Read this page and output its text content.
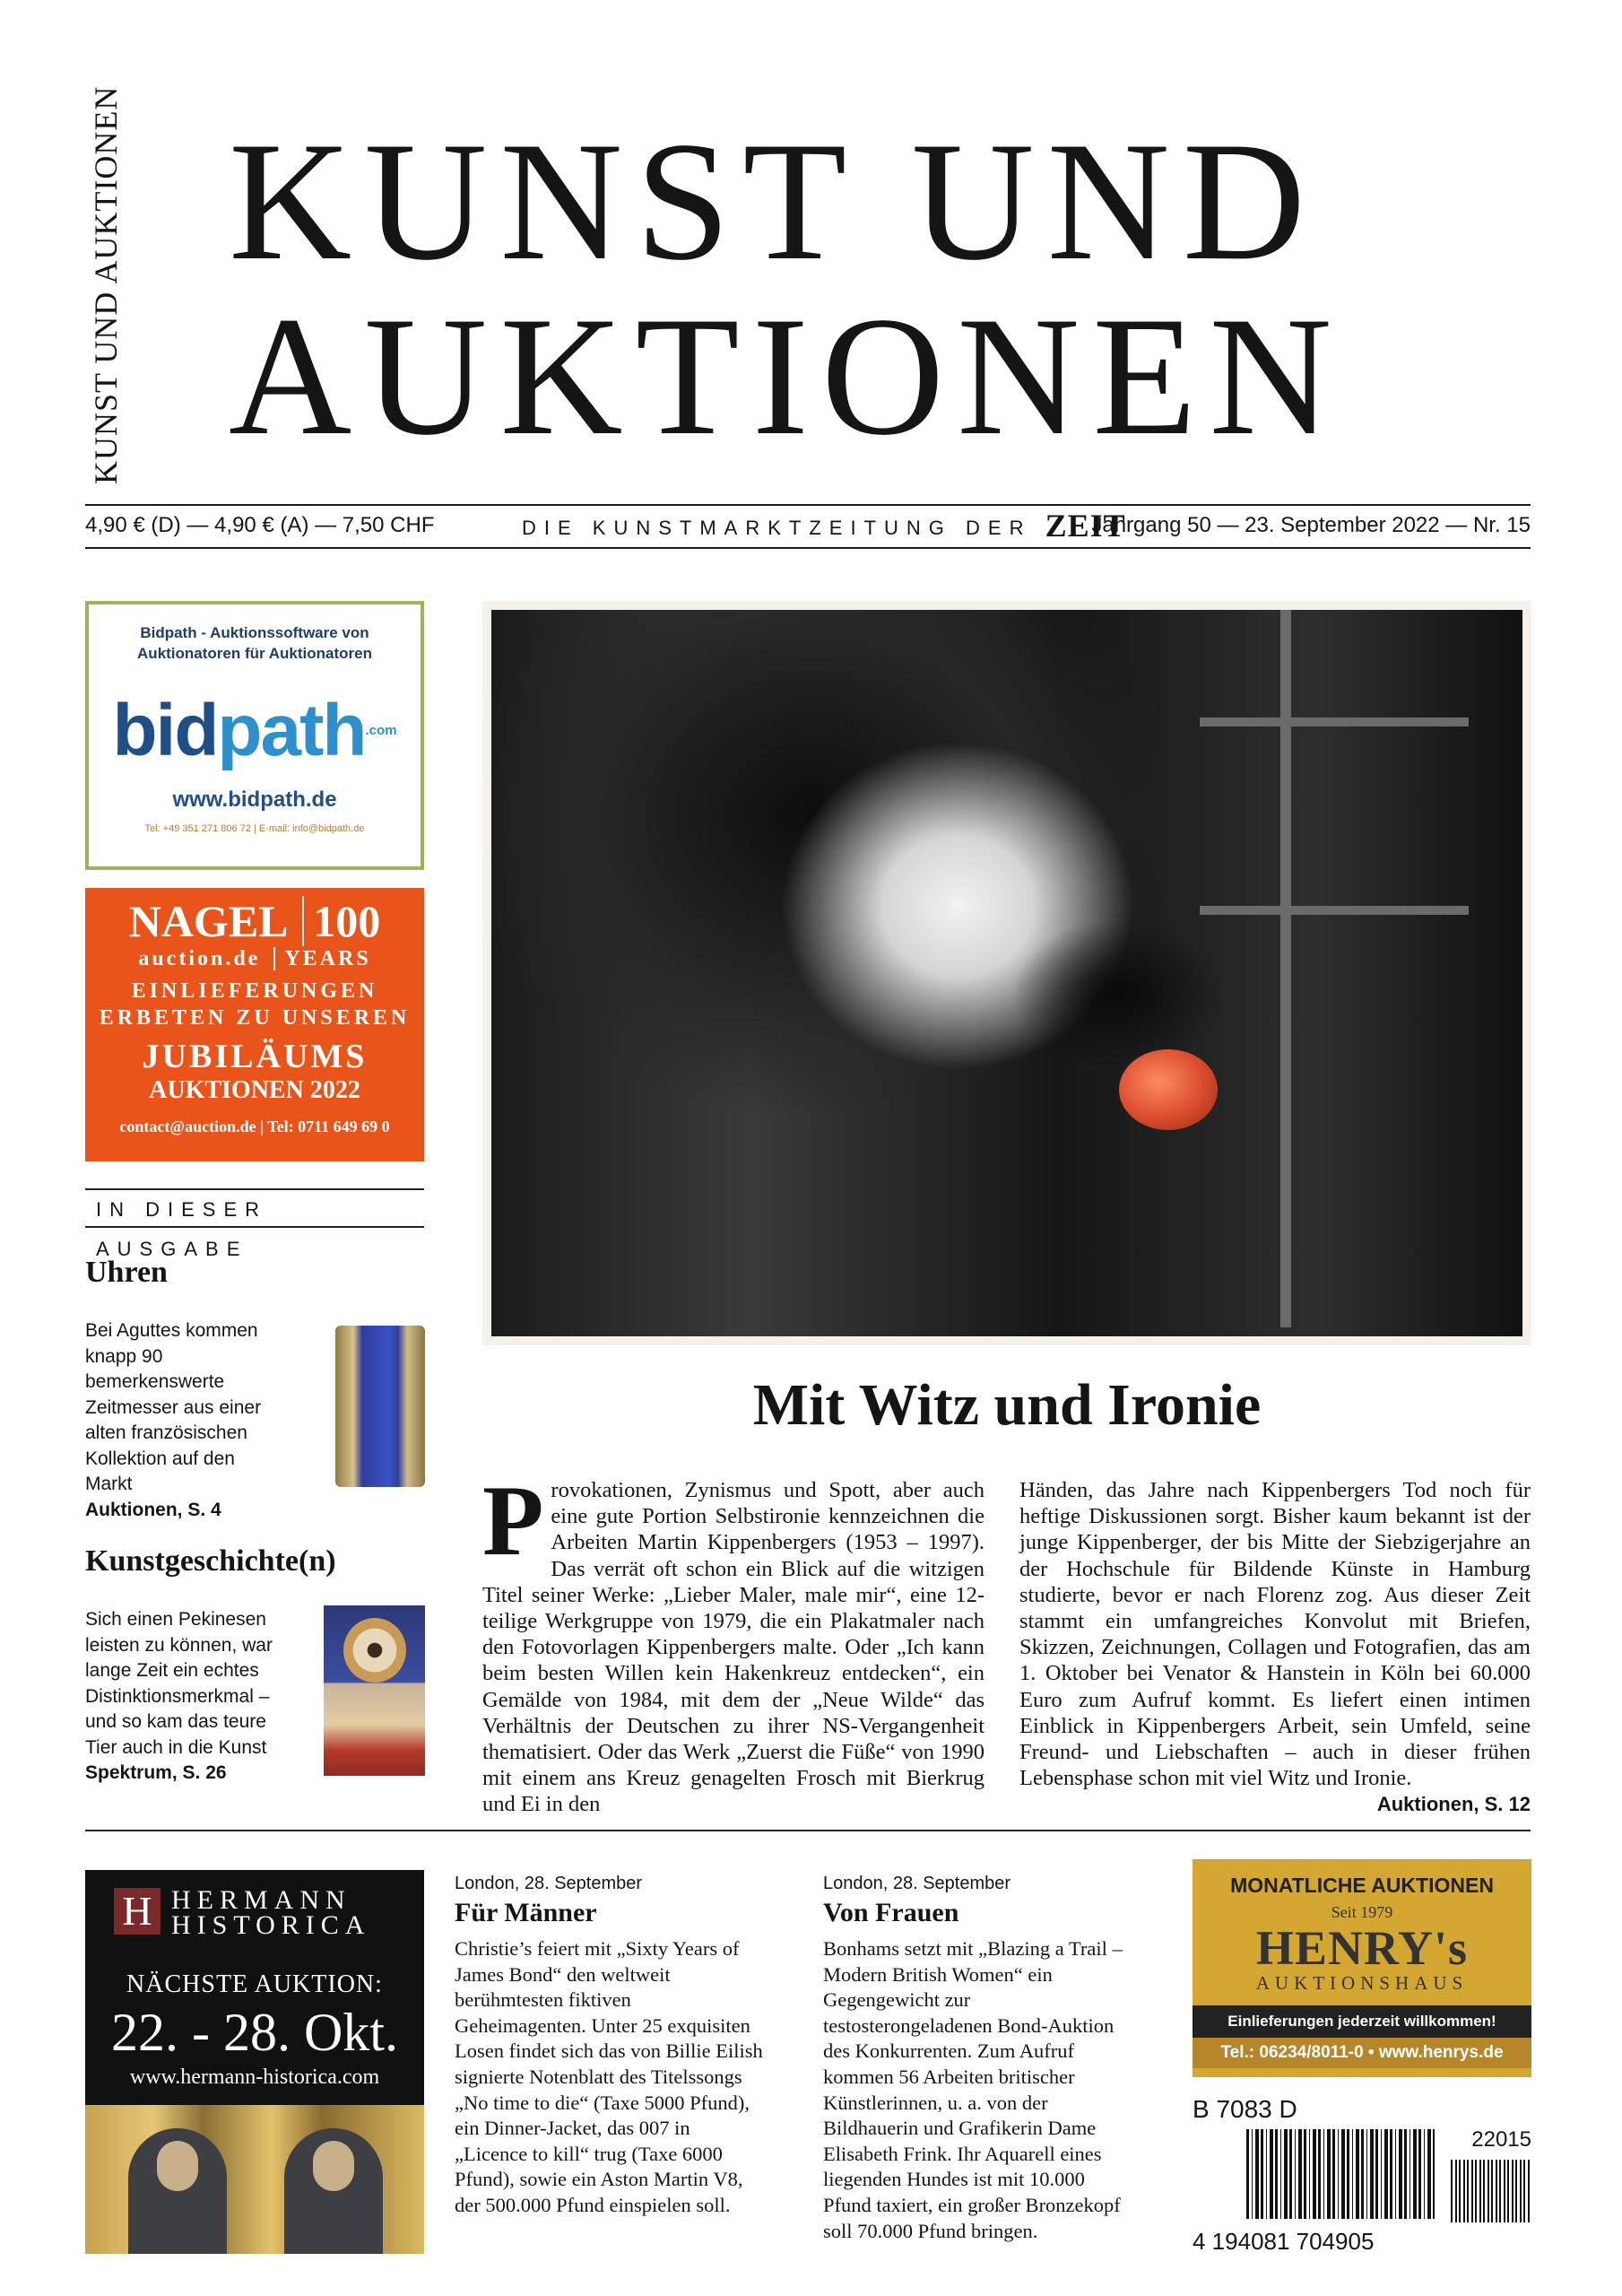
KUNST UND AUKTIONEN KUNST UND
AUKTIONEN
4,90 € (D) — 4,90 € (A) — 7,50 CHF	DIE KUNSTMARKTZEITUNG DER ZEIT
Jahrgang 50 — 23. September 2022 — Nr. 15
Bidpath - Auktionssoftware von Auktionatoren für Auktionatoren
bidpath$^{.com}$
www.bidpath.de
Tel: +49 351 271 806 72 | E-mail: info@bidpath.de
NAGEL 100
auction.de YEARS
EINLIEFERUNGEN
ERBETEN ZU UNSEREN
JUBILÄUMS
AUKTIONEN 2022
contact@auction.de | Tel: 0711 649 69 0
IN DIESER AUSGABE
Uhren
Bei Aguttes kommen knapp 90 bemerkenswerte Zeitmesser aus einer alten französischen Kollektion auf den Markt
Auktionen, S. 4
Kunstgeschichte(n)
Sich einen Pekinesen leisten zu können, war lange Zeit ein echtes Distinktionsmerkmal – und so kam das teure Tier auch in die Kunst
Spektrum, S. 26
Mit Witz und Ironie
Provokationen, Zynismus und Spott, aber auch eine gute Portion Selbstironie kennzeichnen die Arbeiten Martin Kippenbergers (1953 – 1997). Das verrät oft schon ein Blick auf die witzigen Titel seiner Werke: „Lieber Maler, male mir“, eine 12-teilige Werkgruppe von 1979, die ein Plakatmaler nach den Fotovorlagen Kippenbergers malte. Oder „Ich kann beim besten Willen kein Hakenkreuz entdecken“, ein Gemälde von 1984, mit dem der „Neue Wilde“ das Verhältnis der Deutschen zu ihrer NS-Vergangenheit thematisiert. Oder das Werk „Zuerst die Füße“ von 1990 mit einem ans Kreuz genagelten Frosch mit Bierkrug und Ei in den
Händen, das Jahre nach Kippenbergers Tod noch für heftige Diskussionen sorgt. Bisher kaum bekannt ist der junge Kippenberger, der bis Mitte der Siebzigerjahre an der Hochschule für Bildende Künste in Hamburg studierte, bevor er nach Florenz zog. Aus dieser Zeit stammt ein umfangreiches Konvolut mit Briefen, Skizzen, Zeichnungen, Collagen und Fotografien, das am 1. Oktober bei Venator & Hanstein in Köln bei 60.000 Euro zum Aufruf kommt. Es liefert einen intimen Einblick in Kippenbergers Arbeit, sein Umfeld, seine Freund- und Liebschaften – auch in dieser frühen Lebensphase schon mit viel Witz und Ironie.
Auktionen, S. 12
H HERMANN
HISTORICA
NÄCHSTE AUKTION:
22. - 28. Okt.
www.hermann-historica.com
London, 28. September
Für Männer
Christie’s feiert mit „Sixty Years of James Bond“ den weltweit berühmtesten fiktiven Geheimagenten. Unter 25 exquisiten Losen findet sich das von Billie Eilish signierte Notenblatt des Titelssongs „No time to die“ (Taxe 5000 Pfund), ein Dinner-Jacket, das 007 in „Licence to kill“ trug (Taxe 6000 Pfund), sowie ein Aston Martin V8, der 500.000 Pfund einspielen soll.
London, 28. September
Von Frauen
Bonhams setzt mit „Blazing a Trail – Modern British Women“ ein Gegengewicht zur testosterongeladenen Bond-Auktion des Konkurrenten. Zum Aufruf kommen 56 Arbeiten britischer Künstlerinnen, u. a. von der Bildhauerin und Grafikerin Dame Elisabeth Frink. Ihr Aquarell eines liegenden Hundes ist mit 10.000 Pfund taxiert, ein großer Bronzekopf soll 70.000 Pfund bringen.
MONATLICHE AUKTIONEN
Seit 1979
HENRY's
AUKTIONSHAUS
Einlieferungen jederzeit willkommen!
Tel.: 06234/8011-0 • www.henrys.de
B 7083 D
22015
4 194081 704905
